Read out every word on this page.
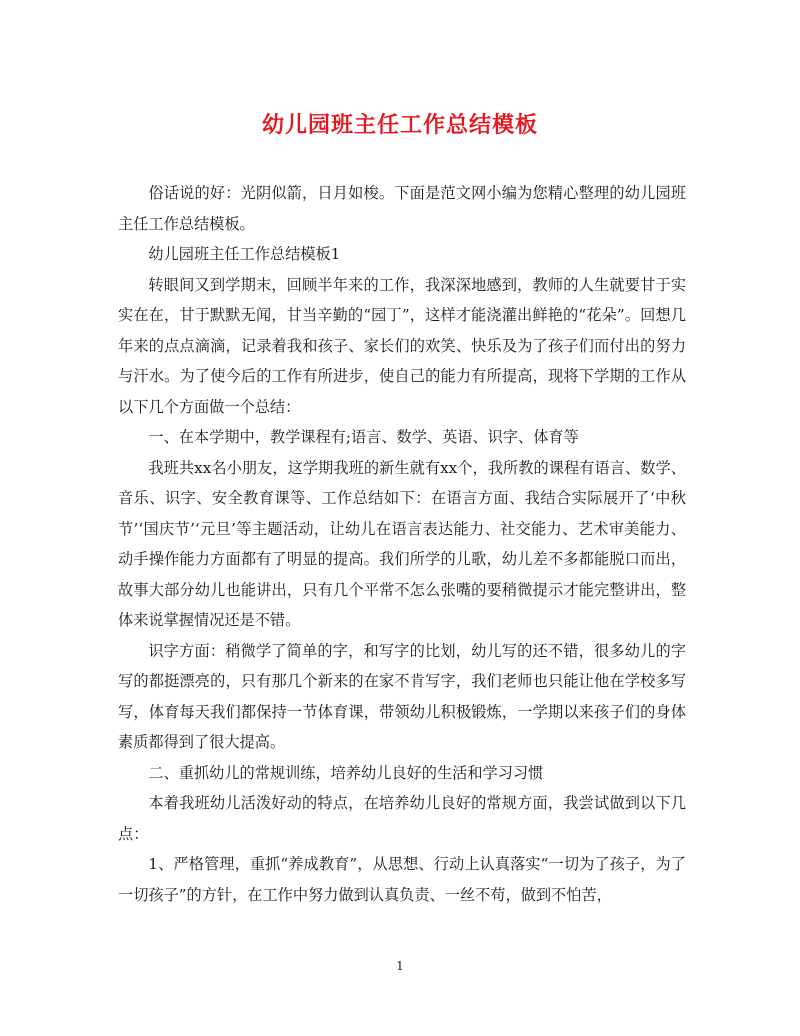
幼儿园班主任工作总结模板

俗话说的好：光阴似箭，日月如梭。下面是范文网小编为您精心整理的幼儿园班主任工作总结模板。

幼儿园班主任工作总结模板1

转眼间又到学期末，回顾半年来的工作，我深深地感到，教师的人生就要甘于实实在在，甘于默默无闻，甘当辛勤的“园丁”，这样才能浇灌出鲜艳的“花朵”。回想几年来的点点滴滴，记录着我和孩子、家长们的欢笑、快乐及为了孩子们而付出的努力与汗水。为了使今后的工作有所进步，使自己的能力有所提高，现将下学期的工作从以下几个方面做一个总结：

一、在本学期中，教学课程有;语言、数学、英语、识字、体育等

我班共xx名小朋友，这学期我班的新生就有xx个，我所教的课程有语言、数学、音乐、识字、安全教育课等、工作总结如下：在语言方面、我结合实际展开了‘中秋节’‘国庆节’‘元旦’等主题活动，让幼儿在语言表达能力、社交能力、艺术审美能力、动手操作能力方面都有了明显的提高。我们所学的儿歌，幼儿差不多都能脱口而出，故事大部分幼儿也能讲出，只有几个平常不怎么张嘴的要稍微提示才能完整讲出，整体来说掌握情况还是不错。

识字方面：稍微学了简单的字，和写字的比划，幼儿写的还不错，很多幼儿的字写的都挺漂亮的，只有那几个新来的在家不肯写字，我们老师也只能让他在学校多写写，体育每天我们都保持一节体育课，带领幼儿积极锻炼，一学期以来孩子们的身体素质都得到了很大提高。

二、重抓幼儿的常规训练，培养幼儿良好的生活和学习习惯

本着我班幼儿活泼好动的特点，在培养幼儿良好的常规方面，我尝试做到以下几点：

1、严格管理，重抓“养成教育”，从思想、行动上认真落实“一切为了孩子，为了一切孩子”的方针，在工作中努力做到认真负责、一丝不苟，做到不怕苦，

1
